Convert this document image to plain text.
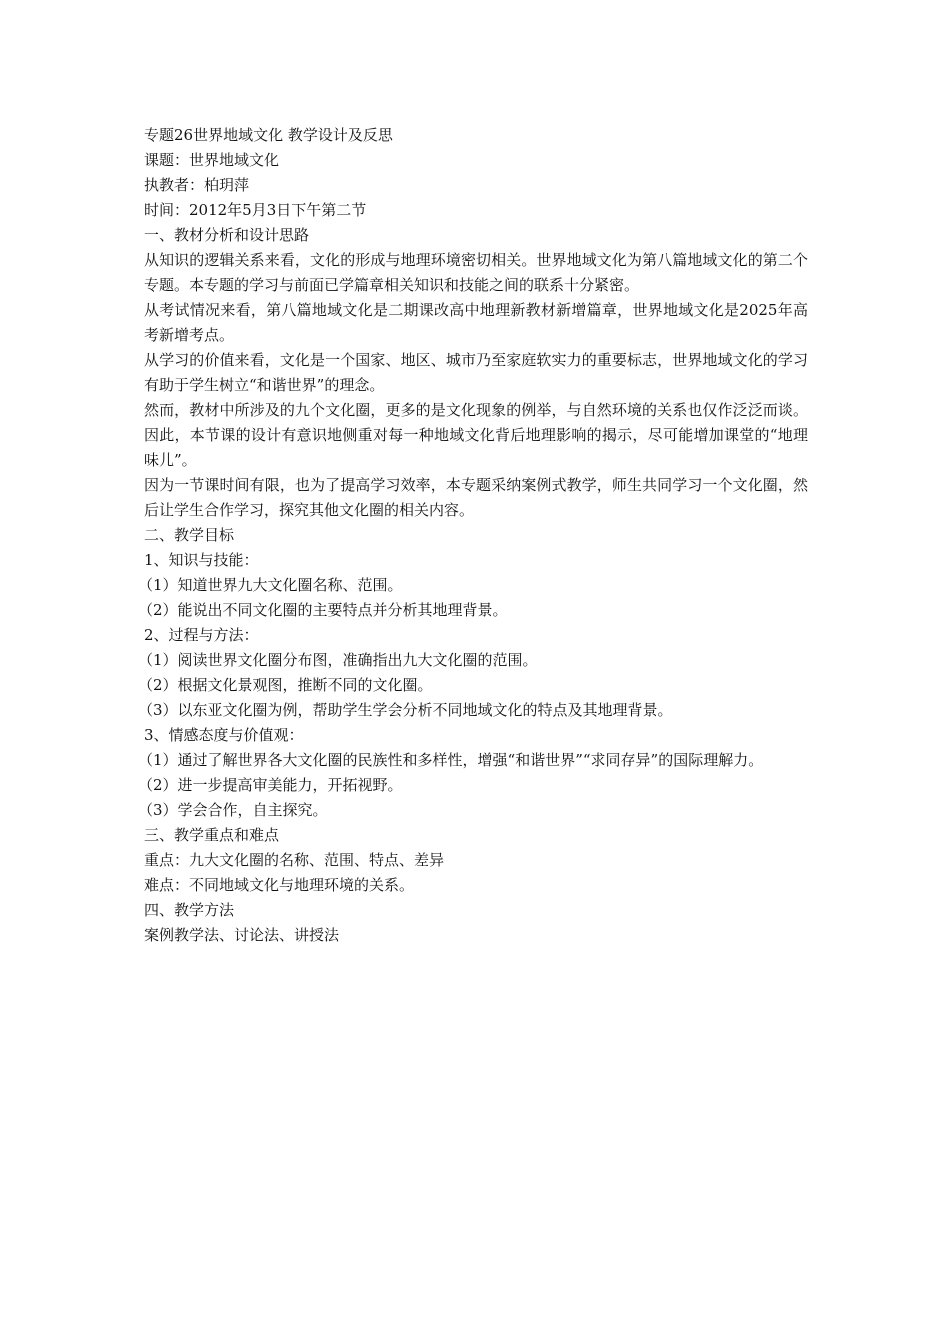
专题26世界地域文化 教学设计及反思

课题：世界地域文化

执教者：柏玥萍

时间：2012年5月3日下午第二节

一、教材分析和设计思路

从知识的逻辑关系来看，文化的形成与地理环境密切相关。世界地域文化为第八篇地域文化的第二个专题。本专题的学习与前面已学篇章相关知识和技能之间的联系十分紧密。

从考试情况来看，第八篇地域文化是二期课改高中地理新教材新增篇章，世界地域文化是2025年高考新增考点。

从学习的价值来看，文化是一个国家、地区、城市乃至家庭软实力的重要标志，世界地域文化的学习有助于学生树立“和谐世界”的理念。

然而，教材中所涉及的九个文化圈，更多的是文化现象的例举，与自然环境的关系也仅作泛泛而谈。因此，本节课的设计有意识地侧重对每一种地域文化背后地理影响的揭示，尽可能增加课堂的“地理味儿”。

因为一节课时间有限，也为了提高学习效率，本专题采纳案例式教学，师生共同学习一个文化圈，然后让学生合作学习，探究其他文化圈的相关内容。

二、教学目标

1、知识与技能：

（1）知道世界九大文化圈名称、范围。

（2）能说出不同文化圈的主要特点并分析其地理背景。

2、过程与方法：

（1）阅读世界文化圈分布图，准确指出九大文化圈的范围。

（2）根据文化景观图，推断不同的文化圈。

（3）以东亚文化圈为例，帮助学生学会分析不同地域文化的特点及其地理背景。

3、情感态度与价值观：

（1）通过了解世界各大文化圈的民族性和多样性，增强“和谐世界”“求同存异”的国际理解力。

（2）进一步提高审美能力，开拓视野。

（3）学会合作，自主探究。

三、教学重点和难点

重点：九大文化圈的名称、范围、特点、差异

难点：不同地域文化与地理环境的关系。

四、教学方法

案例教学法、讨论法、讲授法
